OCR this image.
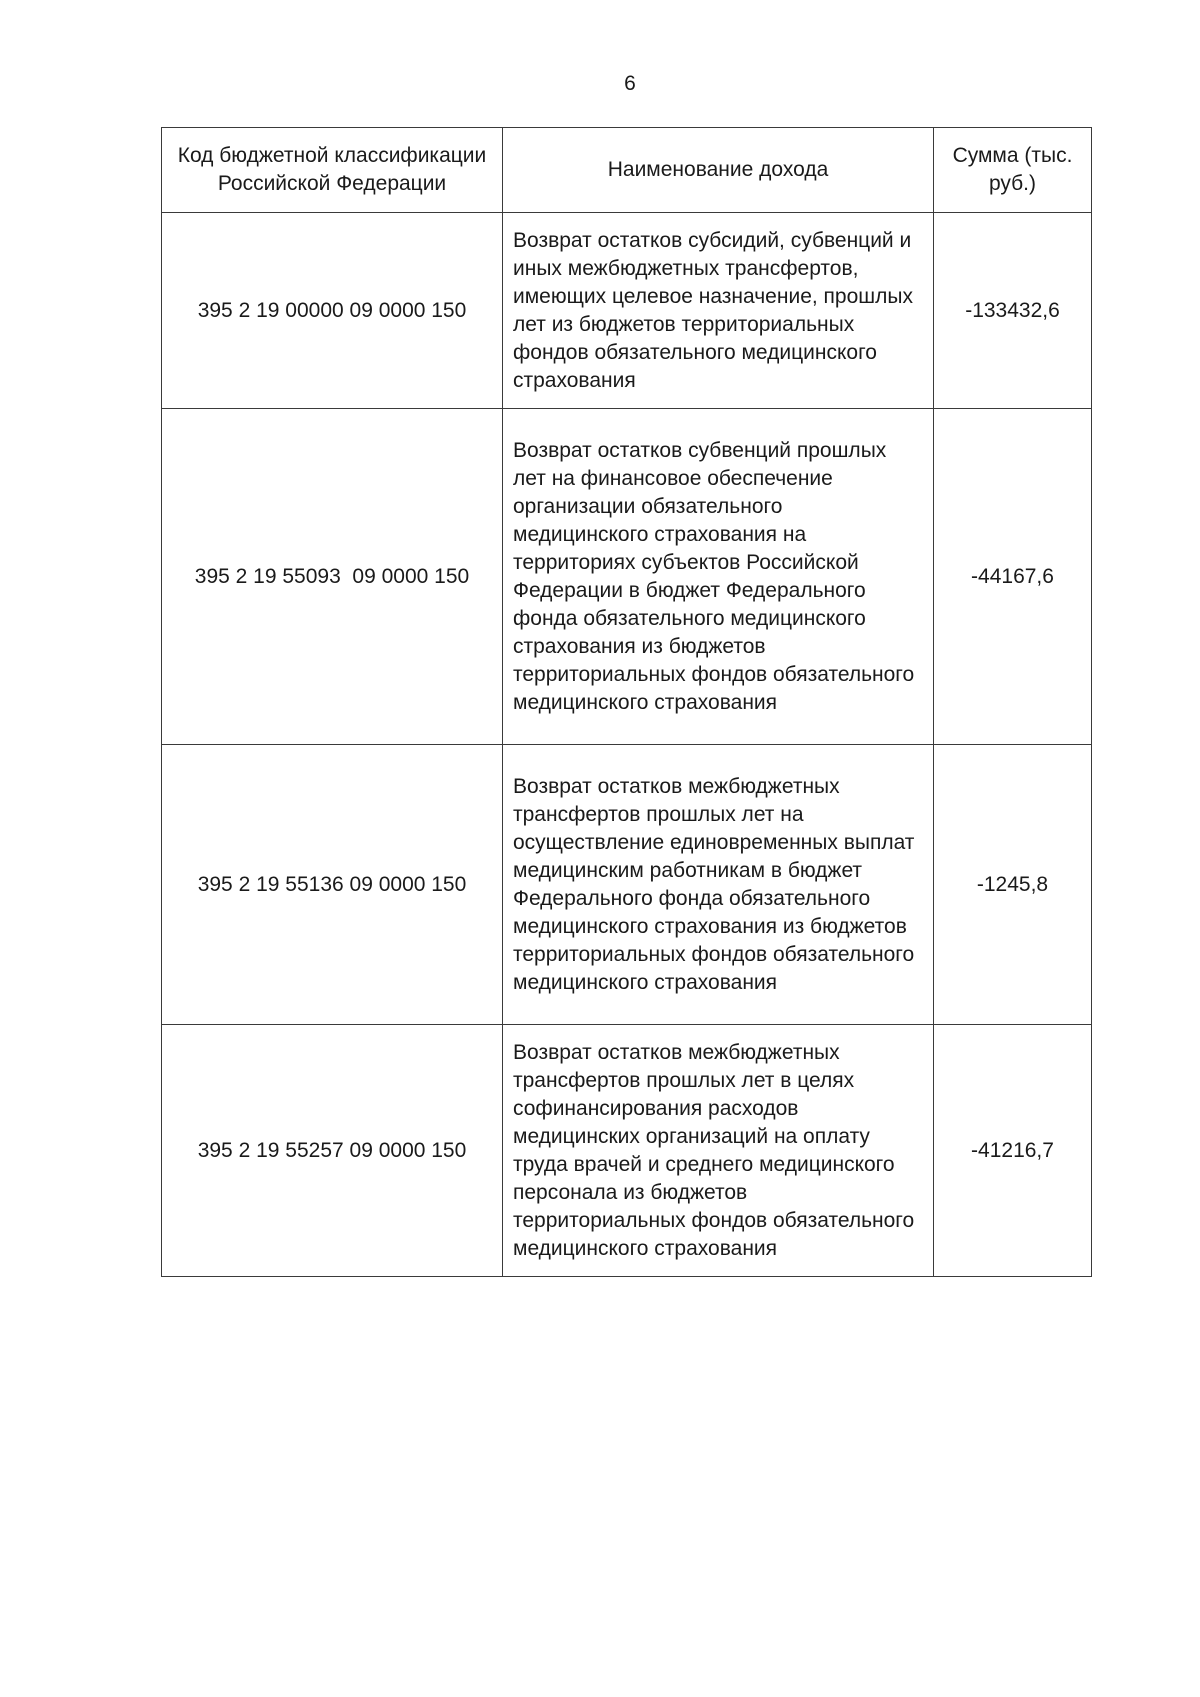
6
Код бюджетной классификации Российской Федерации	Наименование дохода	Сумма (тыс. руб.)
395 2 19 00000 09 0000 150	Возврат остатков субсидий, субвенций и иных межбюджетных трансфертов, имеющих целевое назначение, прошлых лет из бюджетов территориальных фондов обязательного медицинского страхования	-133432,6
395 2 19 55093  09 0000 150	Возврат остатков субвенций прошлых лет на финансовое обеспечение организации обязательного медицинского страхования на территориях субъектов Российской Федерации в бюджет Федерального фонда обязательного медицинского страхования из бюджетов территориальных фондов обязательного медицинского страхования	-44167,6
395 2 19 55136 09 0000 150	Возврат остатков межбюджетных трансфертов прошлых лет на осуществление единовременных выплат медицинским работникам в бюджет Федерального фонда обязательного медицинского страхования из бюджетов территориальных фондов обязательного медицинского страхования	-1245,8
395 2 19 55257 09 0000 150	Возврат остатков межбюджетных трансфертов прошлых лет в целях софинансирования расходов медицинских организаций на оплату труда врачей и среднего медицинского персонала из бюджетов территориальных фондов обязательного медицинского страхования	-41216,7
